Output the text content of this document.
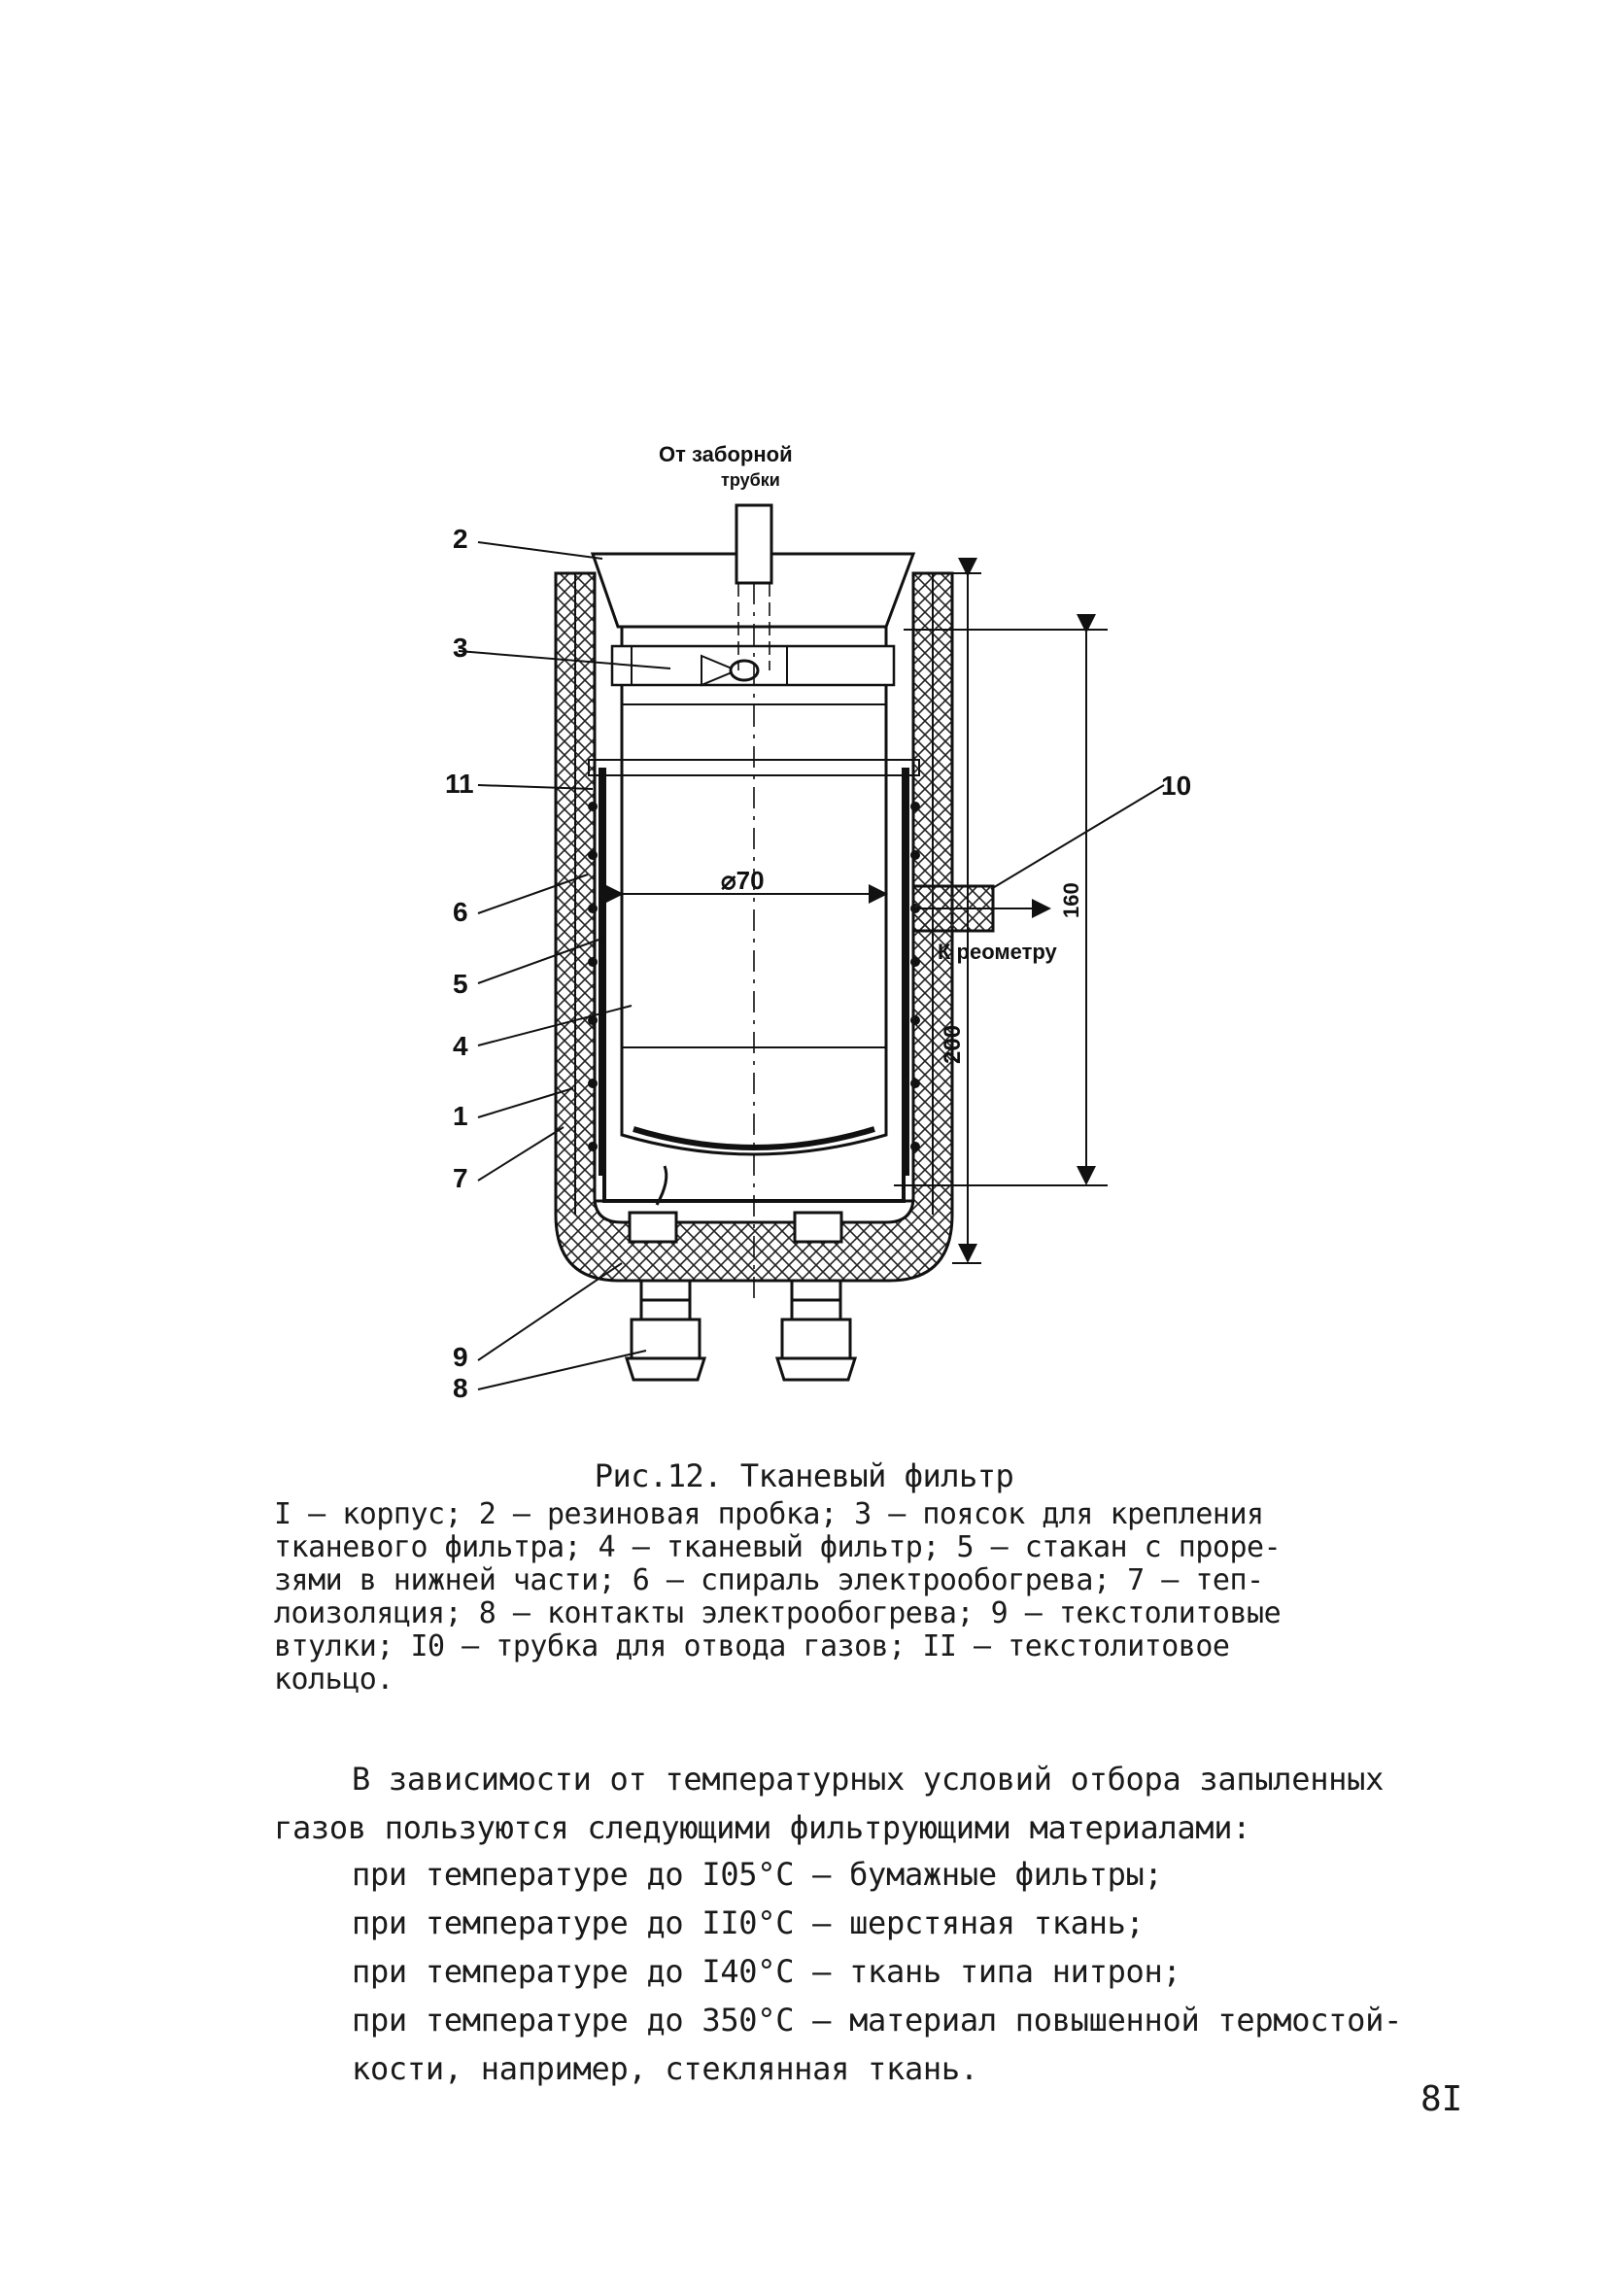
От заборной
трубки
К реометру
⌀70
200
160
2
3
11
6
5
4
1
7
9
8
10
Рис.12. Тканевый фильтр
I – корпус; 2 – резиновая пробка; 3 – поясок для крепления
тканевого фильтра; 4 – тканевый фильтр; 5 – стакан с проре-
зями в нижней части; 6 – спираль электрообогрева; 7 – теп-
лоизоляция; 8 – контакты электрообогрева; 9 – текстолитовые
втулки; I0 – трубка для отвода газов; II – текстолитовое
кольцо.
В зависимости от температурных условий отбора запыленных
газов пользуются следующими фильтрующими материалами:
при температуре до I05°C – бумажные фильтры;
при температуре до II0°C – шерстяная ткань;
при температуре до I40°C – ткань типа нитрон;
при температуре до 350°C – материал повышенной термостой-
кости, например, стеклянная ткань.
8I
